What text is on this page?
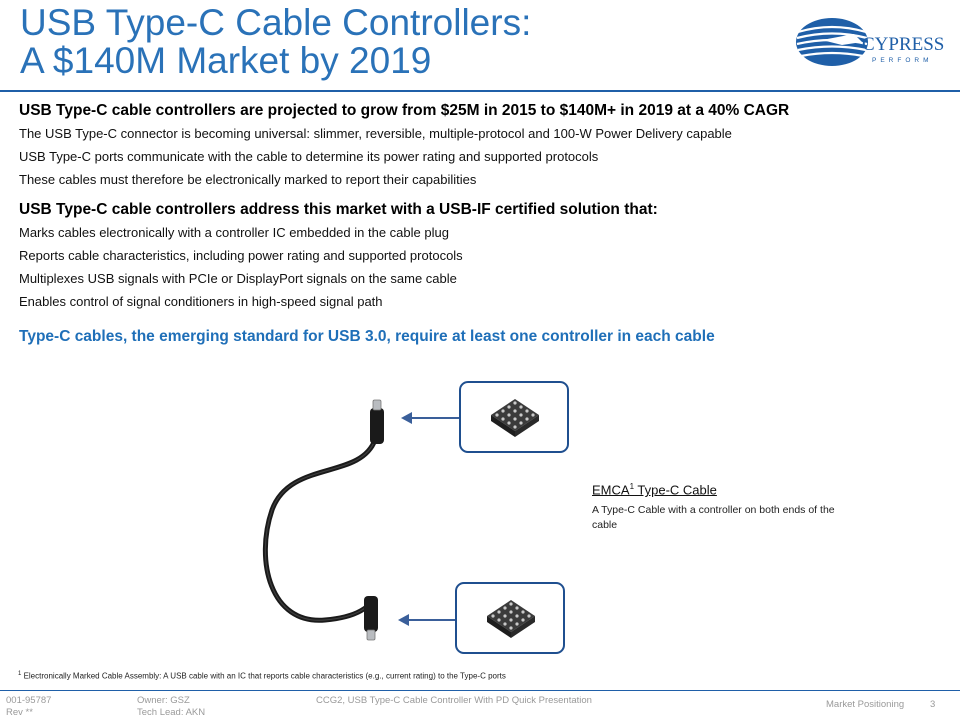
USB Type-C Cable Controllers:
A $140M Market by 2019	CYPRESS
PERFORM

USB Type-C cable controllers are projected to grow from $25M in 2015 to $140M+ in 2019 at a 40% CAGR

The USB Type-C connector is becoming universal: slimmer, reversible, multiple-protocol and 100-W Power Delivery capable
USB Type-C ports communicate with the cable to determine its power rating and supported protocols
These cables must therefore be electronically marked to report their capabilities

USB Type-C cable controllers address this market with a USB-IF certified solution that:

Marks cables electronically with a controller IC embedded in the cable plug
Reports cable characteristics, including power rating and supported protocols
Multiplexes USB signals with PCIe or DisplayPort signals on the same cable
Enables control of signal conditioners in high-speed signal path

Type-C cables, the emerging standard for USB 3.0, require at least one controller in each cable

EMCA$^1$ Type-C Cable
A Type-C Cable with a controller on both ends of the cable
$^1$ Electronically Marked Cable Assembly: A USB cable with an IC that reports cable characteristics (e.g., current rating) to the Type-C ports
001-95787
Rev **
Owner: GSZ
Tech Lead: AKN
CCG2, USB Type-C Cable Controller With PD Quick Presentation	Market Positioning	3
